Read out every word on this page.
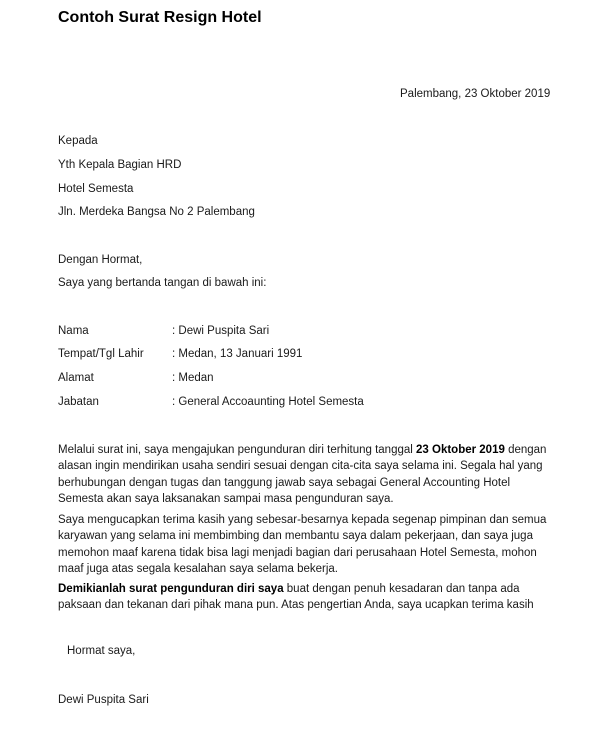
Contoh Surat Resign Hotel
Palembang, 23 Oktober 2019
Kepada
Yth Kepala Bagian HRD
Hotel Semesta
Jln. Merdeka Bangsa No 2 Palembang
Dengan Hormat,
Saya yang bertanda tangan di bawah ini:
Nama	: Dewi Puspita Sari
Tempat/Tgl Lahir : Medan, 13 Januari 1991
Alamat	: Medan
Jabatan	: General Accoaunting Hotel Semesta
Melalui surat ini, saya mengajukan pengunduran diri terhitung tanggal 23 Oktober 2019 dengan alasan ingin mendirikan usaha sendiri sesuai dengan cita-cita saya selama ini. Segala hal yang berhubungan dengan tugas dan tanggung jawab saya sebagai General Accounting Hotel Semesta akan saya laksanakan sampai masa pengunduran saya.
Saya mengucapkan terima kasih yang sebesar-besarnya kepada segenap pimpinan dan semua karyawan yang selama ini membimbing dan membantu saya dalam pekerjaan, dan saya juga memohon maaf karena tidak bisa lagi menjadi bagian dari perusahaan Hotel Semesta, mohon maaf juga atas segala kesalahan saya selama bekerja.
Demikianlah surat pengunduran diri saya buat dengan penuh kesadaran dan tanpa ada paksaan dan tekanan dari pihak mana pun. Atas pengertian Anda, saya ucapkan terima kasih
Hormat saya,
Dewi Puspita Sari
